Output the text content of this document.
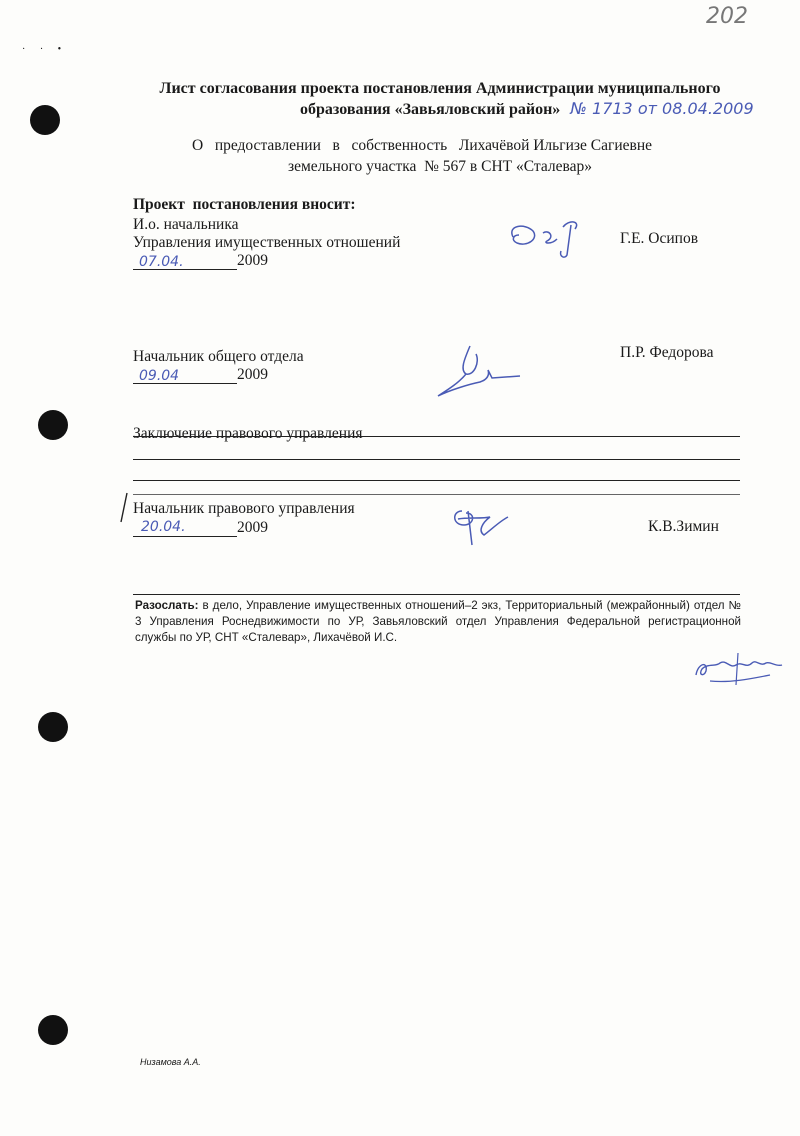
· · •
202
Лист согласования проекта постановления Администрации муниципального
образования «Завьяловский район» № 1713 от 08.04.2009
О   предоставлении   в   собственность   Лихачёвой Ильгизе Сагиевне
земельного участка  № 567 в СНТ «Сталевар»
Проект  постановления вносит:
И.о. начальника
Управления имущественных отношений
07.04.	2009
Г.Е. Осипов
Начальник общего отдела
09.04	2009
П.Р. Федорова
Заключение правового управления
Начальник правового управления
20.04.	2009	К.В.Зимин
Разослать: в дело, Управление имущественных отношений–2 экз, Территориальный (межрайонный) отдел № 3 Управления Роснедвижимости по УР, Завьяловский отдел Управления Федеральной регистрационной службы по УР, СНТ «Сталевар», Лихачёвой И.С.
Низамова А.А.
